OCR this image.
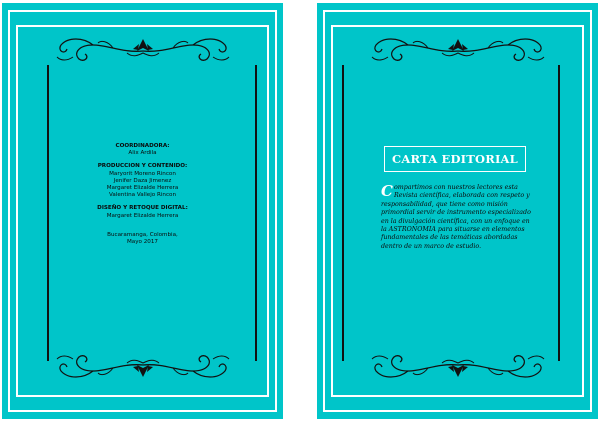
COORDINADORA:
Alix Ardila
PRODUCCION Y CONTENIDO:
Maryorit Moreno Rincon
Jenifer Daza Jimenez
Margaret Elizalde Herrera
Valentina Vallejo Rincon
DISEÑO Y RETOQUE DIGITAL:
Margaret Elizalde Herrera
Bucaramanga, Colombia,
Mayo 2017
CARTA EDITORIAL
Compartimos con nuestros lectores esta Revista científica, elaborada con respeto y responsabilidad, que tiene como misión primordial servir de instrumento especializado en la divulgación científica, con un enfoque en la ASTRONOMIA para situarse en elementos fundamentales de las temáticas abordadas dentro de un marco de estudio.
